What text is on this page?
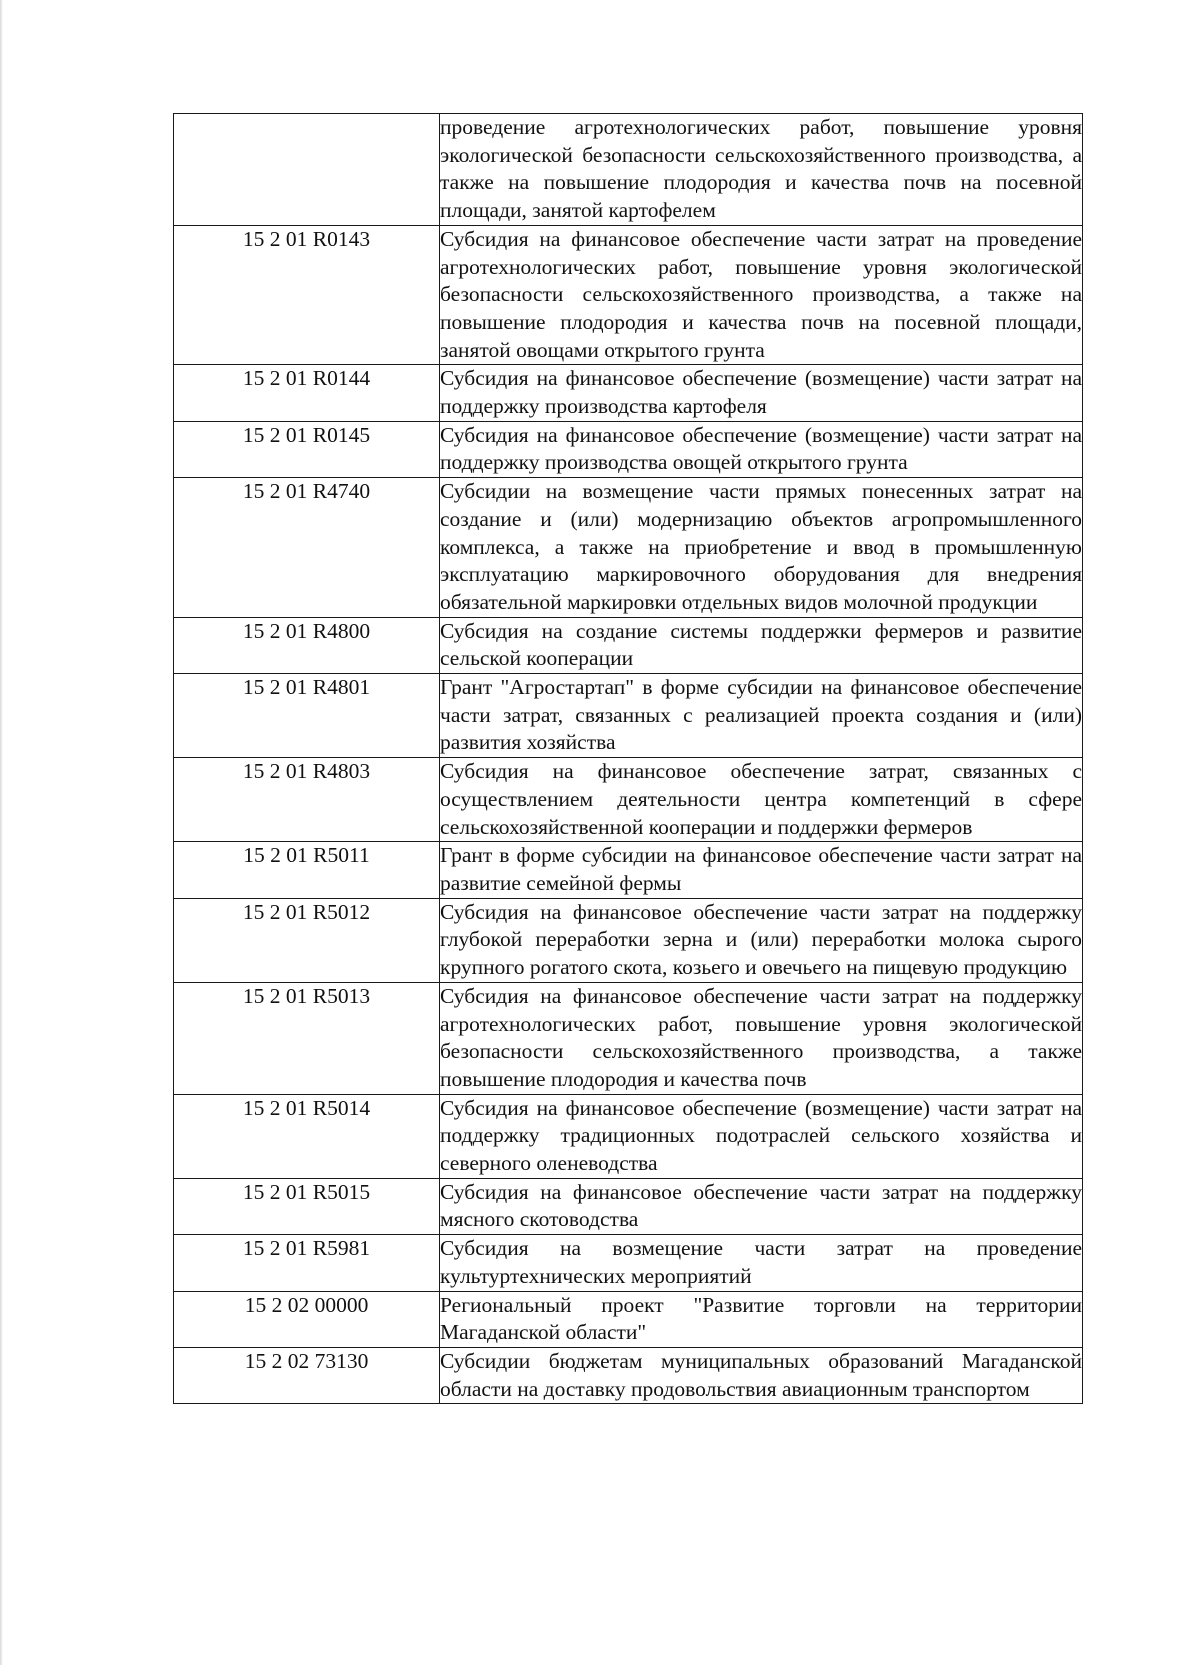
	проведение агротехнологических работ, повышение уровня экологической безопасности сельскохозяйственного производства, а также на повышение плодородия и качества почв на посевной площади, занятой картофелем
15 2 01 R0143	Субсидия на финансовое обеспечение части затрат на проведение агротехнологических работ, повышение уровня экологической безопасности сельскохозяйственного производства, а также на повышение плодородия и качества почв на посевной площади, занятой овощами открытого грунта
15 2 01 R0144	Субсидия на финансовое обеспечение (возмещение) части затрат на поддержку производства картофеля
15 2 01 R0145	Субсидия на финансовое обеспечение (возмещение) части затрат на поддержку производства овощей открытого грунта
15 2 01 R4740	Субсидии на возмещение части прямых понесенных затрат на создание и (или) модернизацию объектов агропромышленного комплекса, а также на приобретение и ввод в промышленную эксплуатацию маркировочного оборудования для внедрения обязательной маркировки отдельных видов молочной продукции
15 2 01 R4800	Субсидия на создание системы поддержки фермеров и развитие сельской кооперации
15 2 01 R4801	Грант "Агростартап" в форме субсидии на финансовое обеспечение части затрат, связанных с реализацией проекта создания и (или) развития хозяйства
15 2 01 R4803	Субсидия на финансовое обеспечение затрат, связанных с осуществлением деятельности центра компетенций в сфере сельскохозяйственной кооперации и поддержки фермеров
15 2 01 R5011	Грант в форме субсидии на финансовое обеспечение части затрат на развитие семейной фермы
15 2 01 R5012	Субсидия на финансовое обеспечение части затрат на поддержку глубокой переработки зерна и (или) переработки молока сырого крупного рогатого скота, козьего и овечьего на пищевую продукцию
15 2 01 R5013	Субсидия на финансовое обеспечение части затрат на поддержку агротехнологических работ, повышение уровня экологической безопасности сельскохозяйственного производства, а также повышение плодородия и качества почв
15 2 01 R5014	Субсидия на финансовое обеспечение (возмещение) части затрат на поддержку традиционных подотраслей сельского хозяйства и северного оленеводства
15 2 01 R5015	Субсидия на финансовое обеспечение части затрат на поддержку мясного скотоводства
15 2 01 R5981	Субсидия на возмещение части затрат на проведение культуртехнических мероприятий
15 2 02 00000	Региональный проект "Развитие торговли на территории Магаданской области"
15 2 02 73130	Субсидии бюджетам муниципальных образований Магаданской области на доставку продовольствия авиационным транспортом
